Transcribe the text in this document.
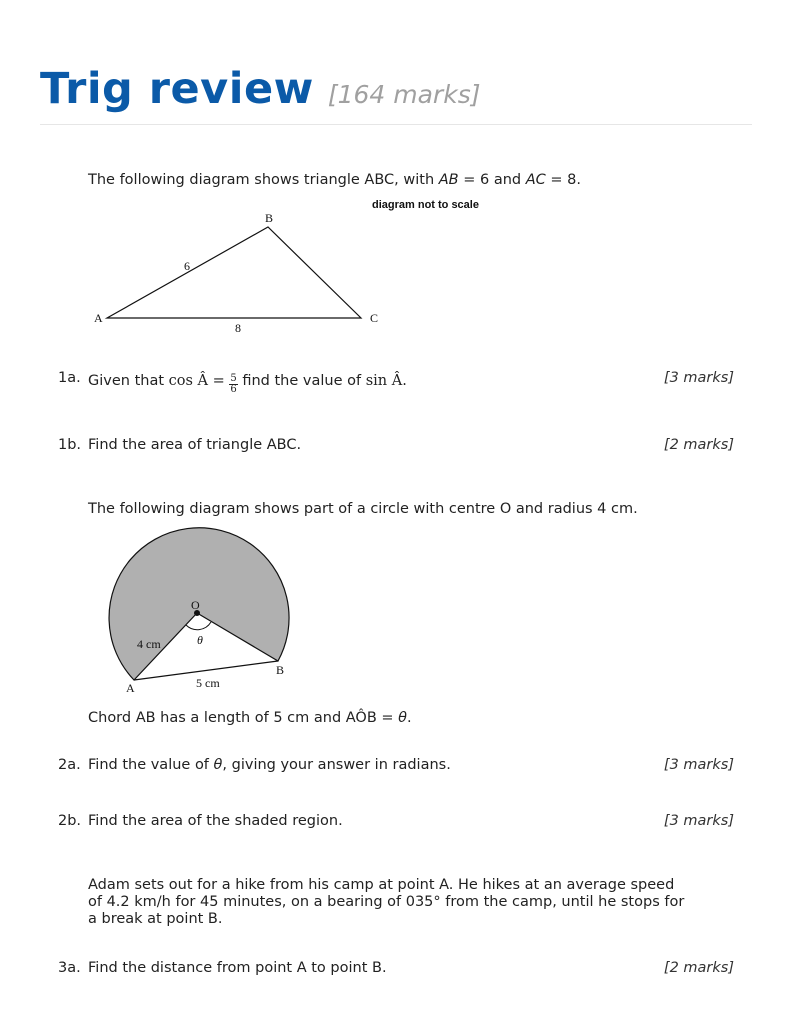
Trig review [164 marks]
The following diagram shows triangle ABC, with AB = 6 and AC = 8.
A
B
C
6
8
diagram not to scale
1a. Given that cos Â = $\frac{5}{6}$ find the value of sin Â.	[3 marks]
1b. Find the area of triangle ABC.	[2 marks]
The following diagram shows part of a circle with centre O and radius 4 cm.
O
A
B
θ
4 cm
5 cm
Chord AB has a length of 5 cm and AÔB = θ.
2a. Find the value of θ, giving your answer in radians.	[3 marks]
2b. Find the area of the shaded region.	[3 marks]
Adam sets out for a hike from his camp at point A. He hikes at an average speed
of 4.2 km/h for 45 minutes, on a bearing of 035° from the camp, until he stops for
a break at point B.
3a. Find the distance from point A to point B.	[2 marks]
